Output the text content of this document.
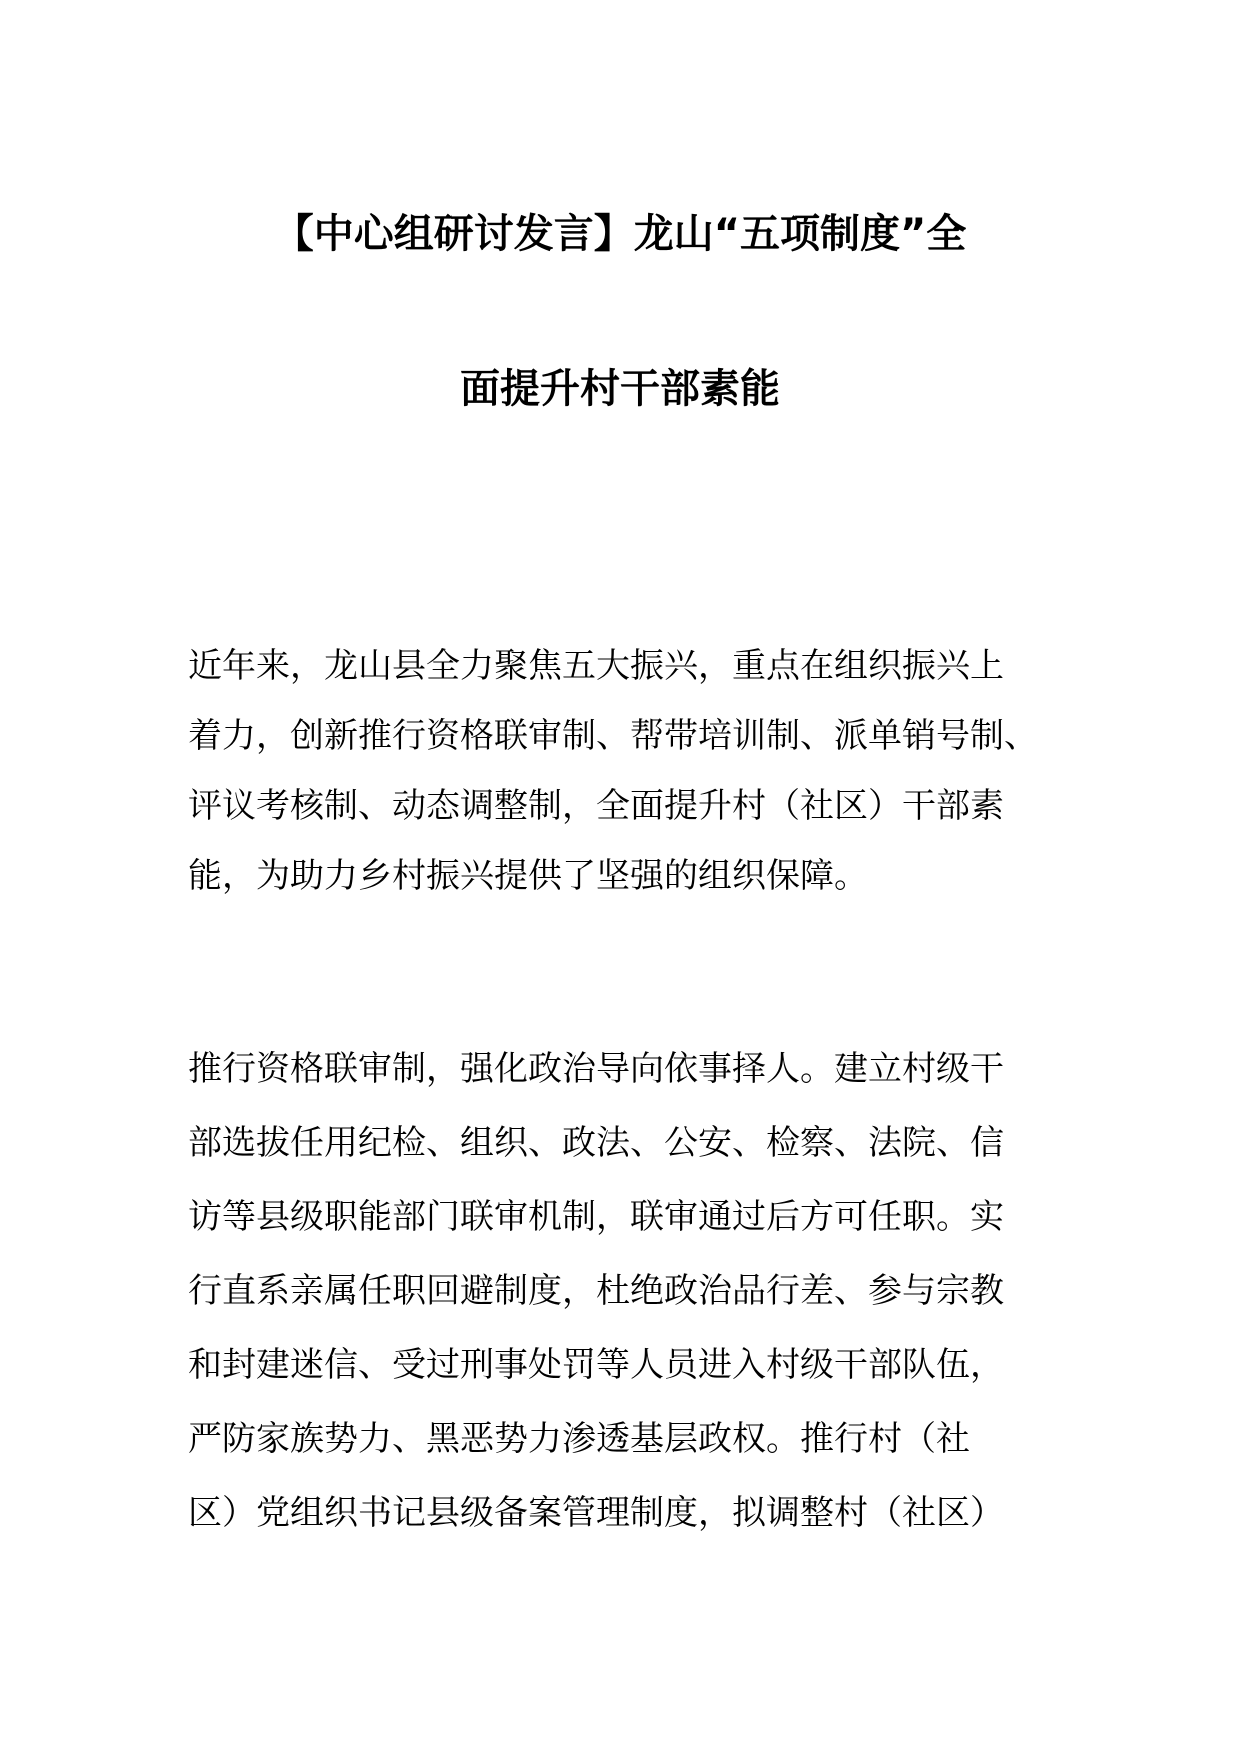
【中心组研讨发言】龙山“五项制度”全
面提升村干部素能
近年来，龙山县全力聚焦五大振兴，重点在组织振兴上
着力，创新推行资格联审制、帮带培训制、派单销号制、
评议考核制、动态调整制，全面提升村（社区）干部素
能，为助力乡村振兴提供了坚强的组织保障。
推行资格联审制，强化政治导向依事择人。建立村级干
部选拔任用纪检、组织、政法、公安、检察、法院、信
访等县级职能部门联审机制，联审通过后方可任职。实
行直系亲属任职回避制度，杜绝政治品行差、参与宗教
和封建迷信、受过刑事处罚等人员进入村级干部队伍，
严防家族势力、黑恶势力渗透基层政权。推行村（社
区）党组织书记县级备案管理制度，拟调整村（社区）
